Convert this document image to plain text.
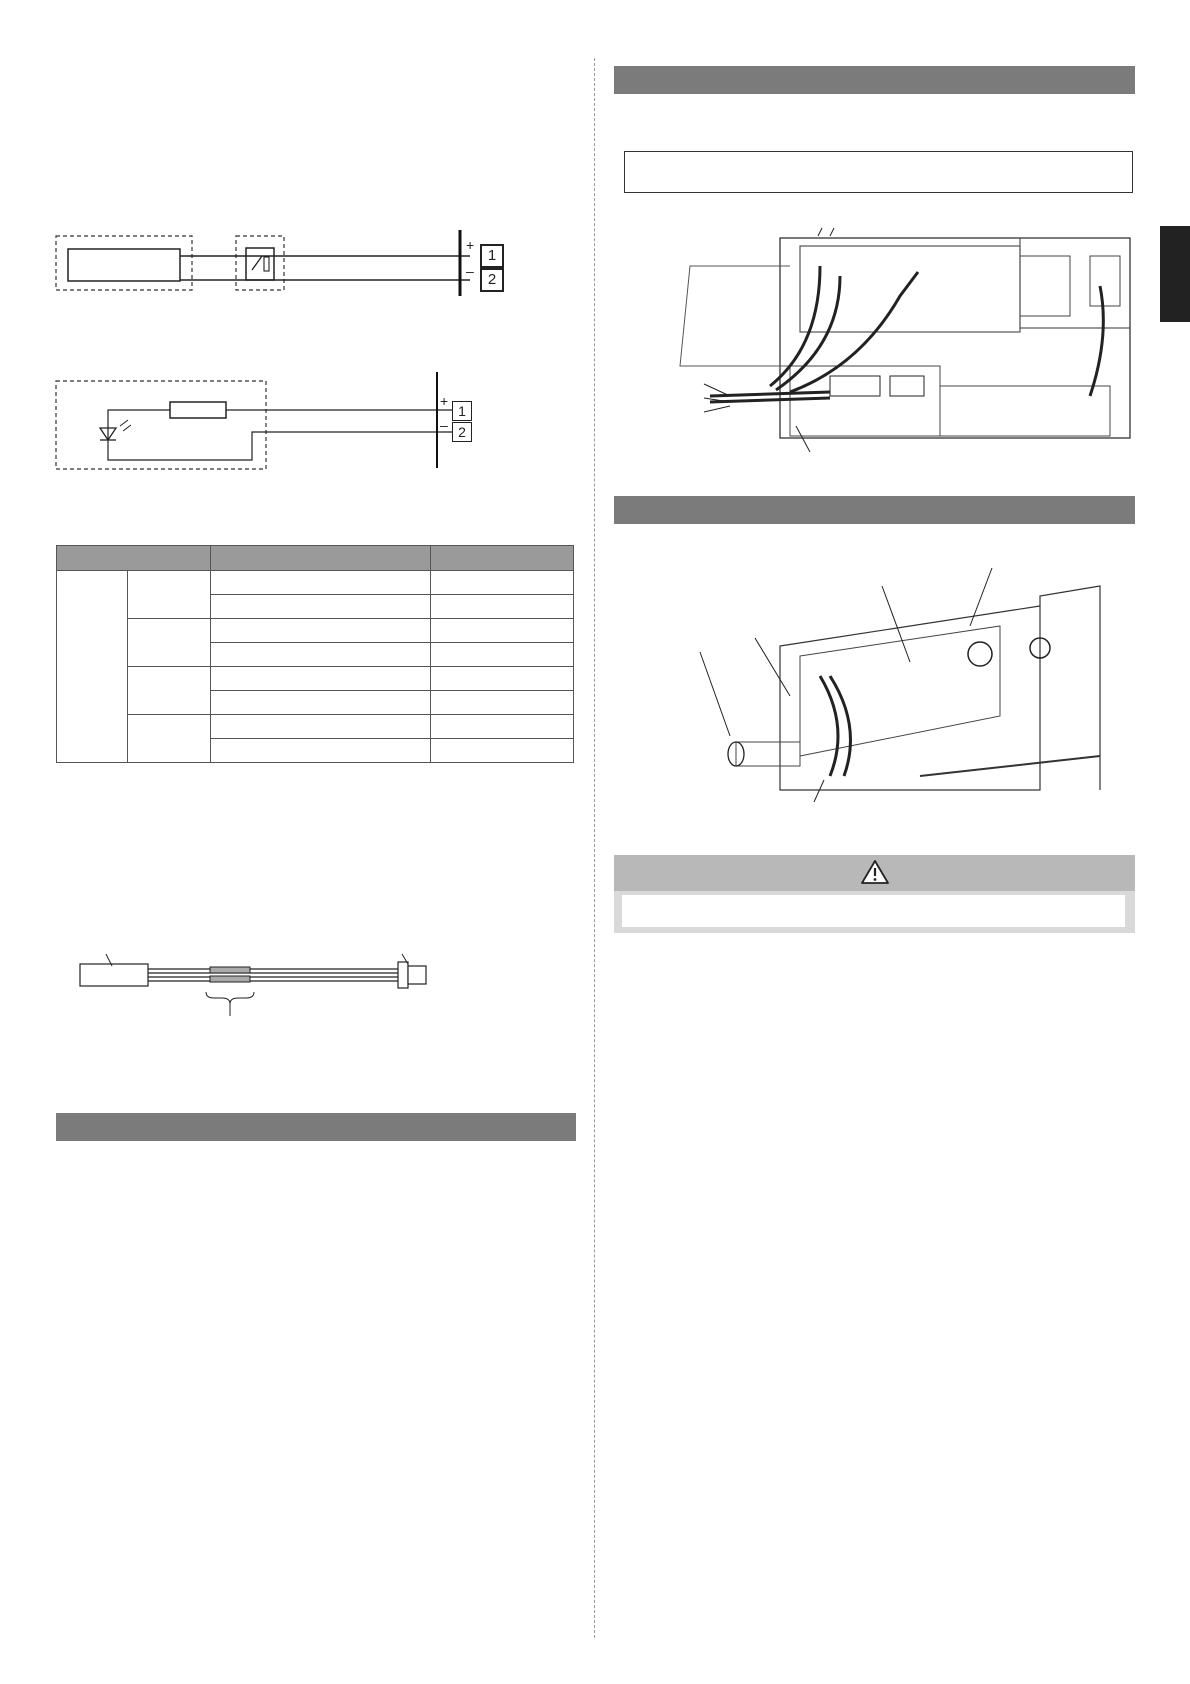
+
–
1
2
+
–
1
2
